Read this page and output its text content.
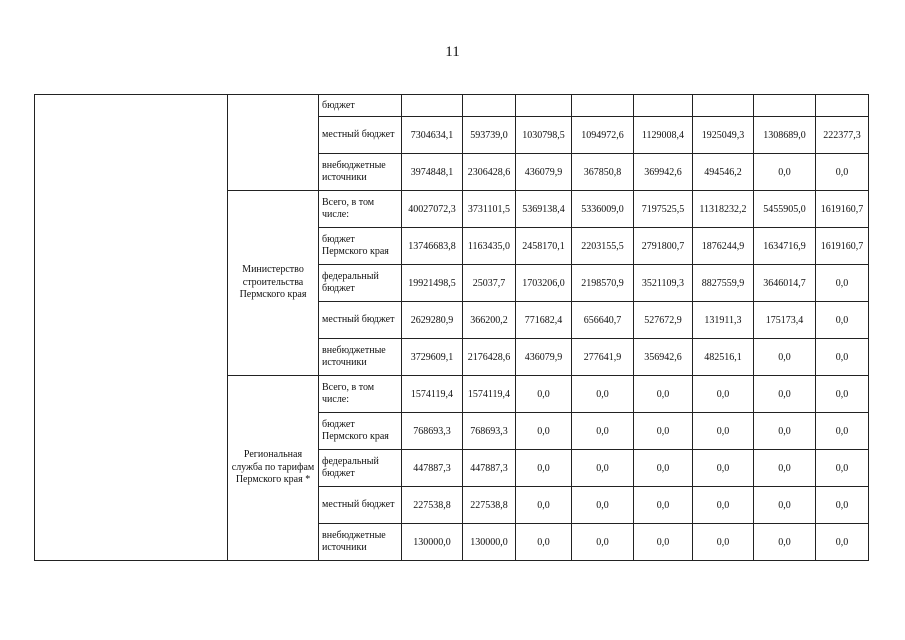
11
		бюджет								
		местный бюджет	7304634,1	593739,0	1030798,5	1094972,6	1129008,4	1925049,3	1308689,0	222377,3
		внебюджетные источники	3974848,1	2306428,6	436079,9	367850,8	369942,6	494546,2	0,0	0,0
	Министерство строительства Пермского края	Всего, в том числе:	40027072,3	3731101,5	5369138,4	5336009,0	7197525,5	11318232,2	5455905,0	1619160,7
		бюджет Пермского края	13746683,8	1163435,0	2458170,1	2203155,5	2791800,7	1876244,9	1634716,9	1619160,7
		федеральный бюджет	19921498,5	25037,7	1703206,0	2198570,9	3521109,3	8827559,9	3646014,7	0,0
		местный бюджет	2629280,9	366200,2	771682,4	656640,7	527672,9	131911,3	175173,4	0,0
		внебюджетные источники	3729609,1	2176428,6	436079,9	277641,9	356942,6	482516,1	0,0	0,0
	Региональная служба по тарифам Пермского края *	Всего, в том числе:	1574119,4	1574119,4	0,0	0,0	0,0	0,0	0,0	0,0
		бюджет Пермского края	768693,3	768693,3	0,0	0,0	0,0	0,0	0,0	0,0
		федеральный бюджет	447887,3	447887,3	0,0	0,0	0,0	0,0	0,0	0,0
		местный бюджет	227538,8	227538,8	0,0	0,0	0,0	0,0	0,0	0,0
		внебюджетные источники	130000,0	130000,0	0,0	0,0	0,0	0,0	0,0	0,0
